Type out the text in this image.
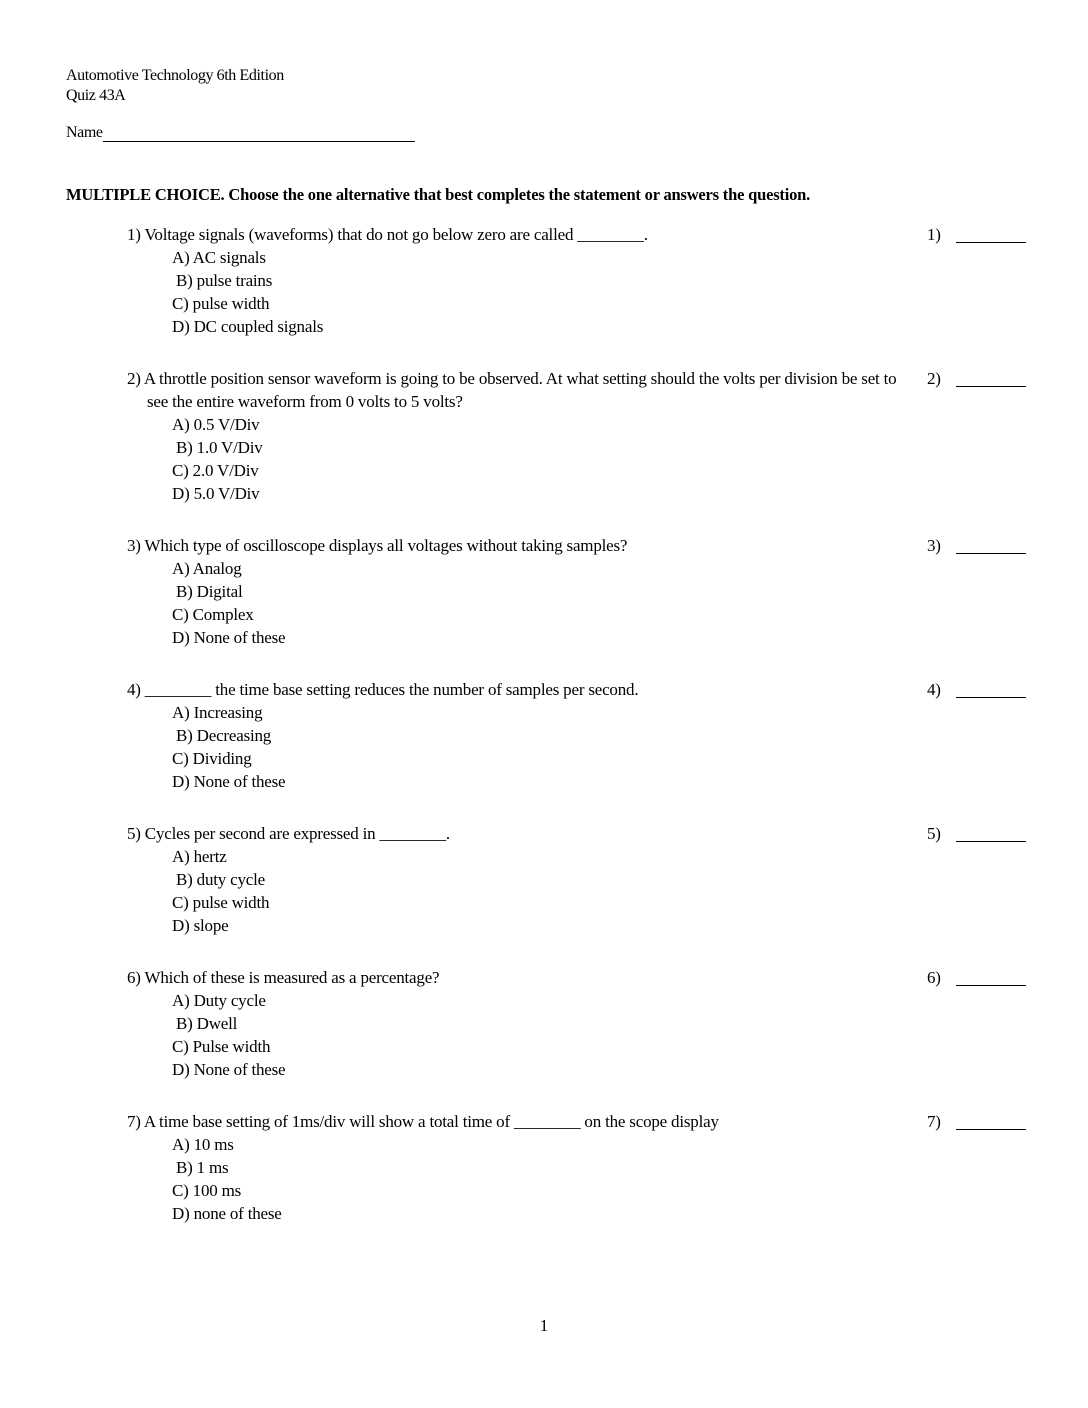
Automotive Technology 6th Edition
Quiz 43A
Name
MULTIPLE CHOICE. Choose the one alternative that best completes the statement or answers the question.
1) Voltage signals (waveforms) that do not go below zero are called ________.
A) AC signals
B) pulse trains
C) pulse width
D) DC coupled signals
1)
2) A throttle position sensor waveform is going to be observed. At what setting should the volts per division be set to see the entire waveform from 0 volts to 5 volts?
A) 0.5 V/Div
B) 1.0 V/Div
C) 2.0 V/Div
D) 5.0 V/Div
2)
3) Which type of oscilloscope displays all voltages without taking samples?
A) Analog
B) Digital
C) Complex
D) None of these
3)
4) ________ the time base setting reduces the number of samples per second.
A) Increasing
B) Decreasing
C) Dividing
D) None of these
4)
5) Cycles per second are expressed in ________.
A) hertz
B) duty cycle
C) pulse width
D) slope
5)
6) Which of these is measured as a percentage?
A) Duty cycle
B) Dwell
C) Pulse width
D) None of these
6)
7) A time base setting of 1ms/div will show a total time of ________ on the scope display
A) 10 ms
B) 1 ms
C) 100 ms
D) none of these
7)
1
